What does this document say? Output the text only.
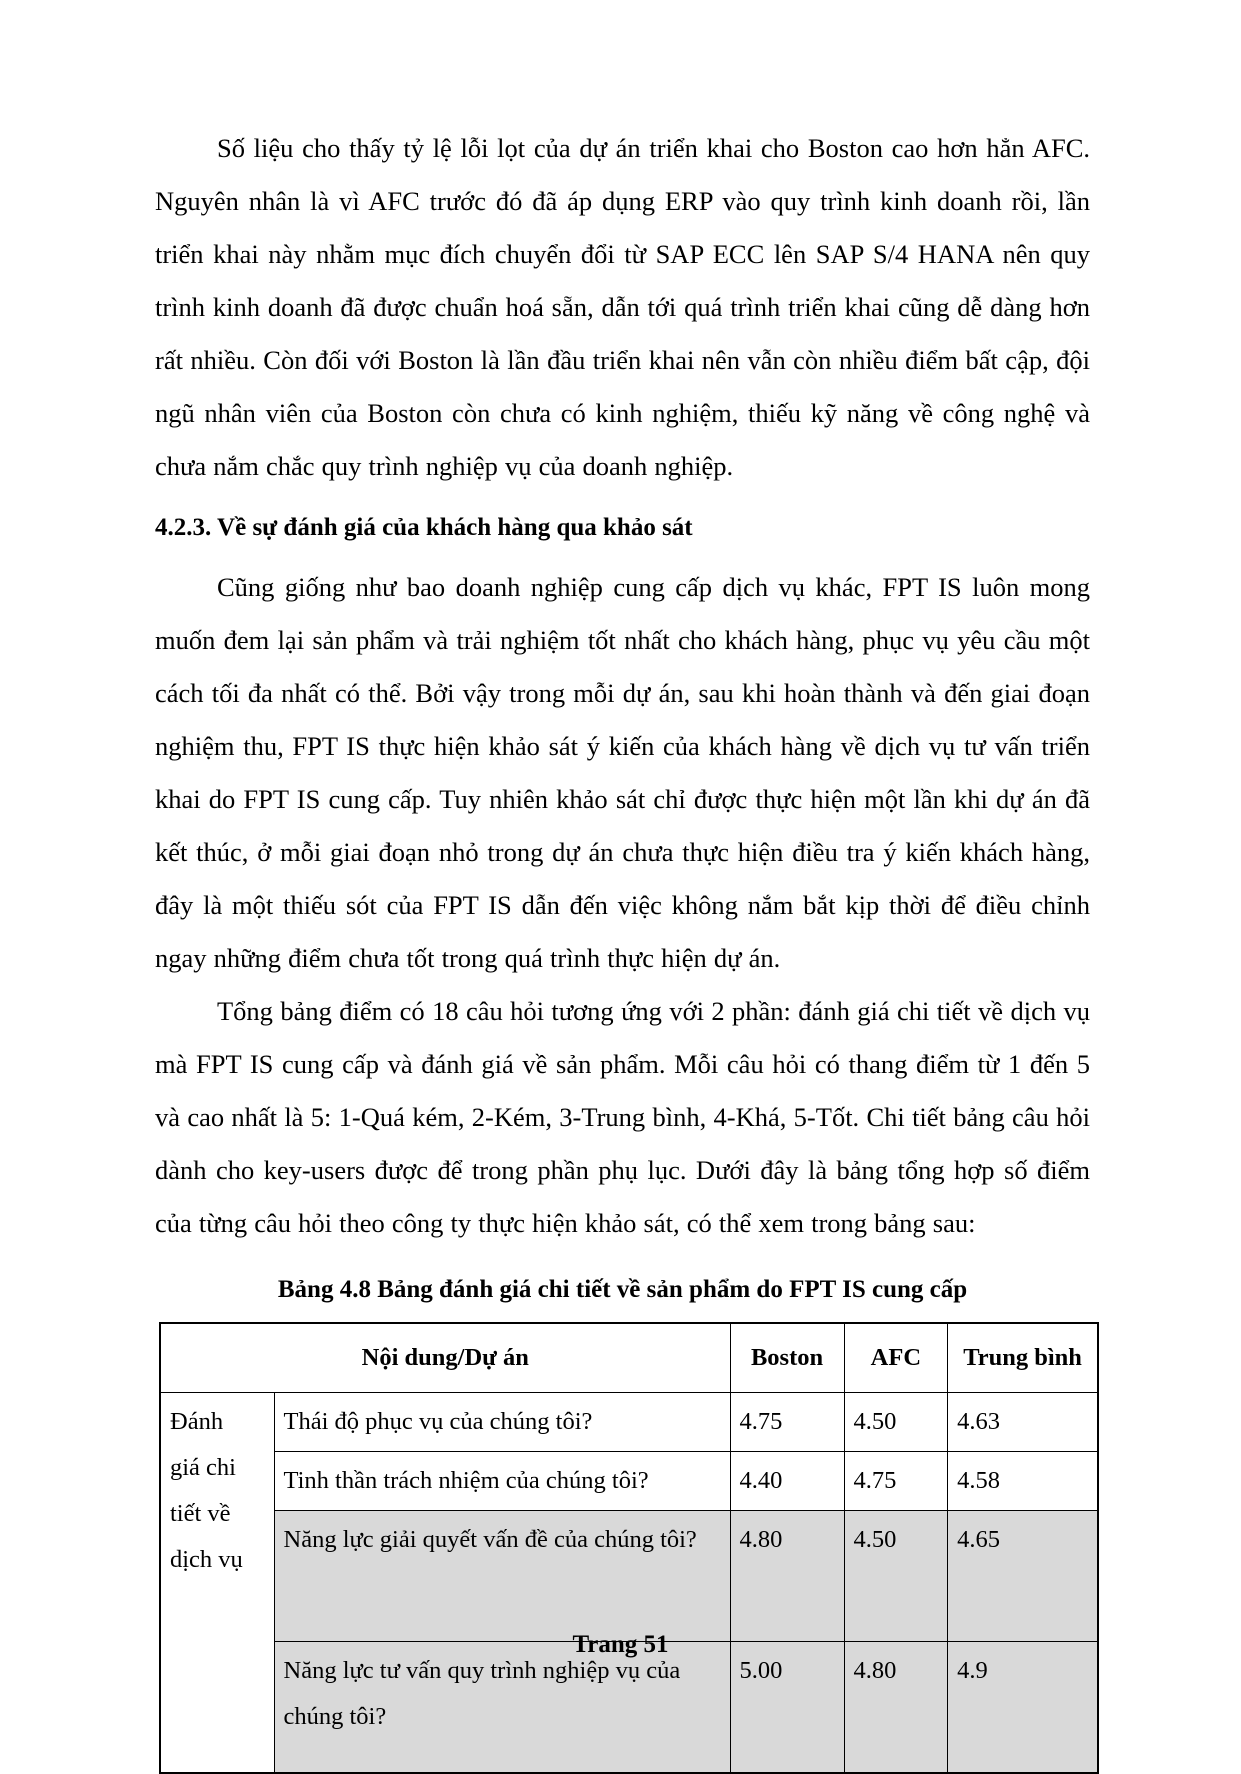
Số liệu cho thấy tỷ lệ lỗi lọt của dự án triển khai cho Boston cao hơn hẳn AFC. Nguyên nhân là vì AFC trước đó đã áp dụng ERP vào quy trình kinh doanh rồi, lần triển khai này nhằm mục đích chuyển đổi từ SAP ECC lên SAP S/4 HANA nên quy trình kinh doanh đã được chuẩn hoá sẵn, dẫn tới quá trình triển khai cũng dễ dàng hơn rất nhiều. Còn đối với Boston là lần đầu triển khai nên vẫn còn nhiều điểm bất cập, đội ngũ nhân viên của Boston còn chưa có kinh nghiệm, thiếu kỹ năng về công nghệ và chưa nắm chắc quy trình nghiệp vụ của doanh nghiệp.

4.2.3. Về sự đánh giá của khách hàng qua khảo sát

Cũng giống như bao doanh nghiệp cung cấp dịch vụ khác, FPT IS luôn mong muốn đem lại sản phẩm và trải nghiệm tốt nhất cho khách hàng, phục vụ yêu cầu một cách tối đa nhất có thể. Bởi vậy trong mỗi dự án, sau khi hoàn thành và đến giai đoạn nghiệm thu, FPT IS thực hiện khảo sát ý kiến của khách hàng về dịch vụ tư vấn triển khai do FPT IS cung cấp. Tuy nhiên khảo sát chỉ được thực hiện một lần khi dự án đã kết thúc, ở mỗi giai đoạn nhỏ trong dự án chưa thực hiện điều tra ý kiến khách hàng, đây là một thiếu sót của FPT IS dẫn đến việc không nắm bắt kịp thời để điều chỉnh ngay những điểm chưa tốt trong quá trình thực hiện dự án.

Tổng bảng điểm có 18 câu hỏi tương ứng với 2 phần: đánh giá chi tiết về dịch vụ mà FPT IS cung cấp và đánh giá về sản phẩm. Mỗi câu hỏi có thang điểm từ 1 đến 5 và cao nhất là 5: 1-Quá kém, 2-Kém, 3-Trung bình, 4-Khá, 5-Tốt. Chi tiết bảng câu hỏi dành cho key-users được để trong phần phụ lục. Dưới đây là bảng tổng hợp số điểm của từng câu hỏi theo công ty thực hiện khảo sát, có thể xem trong bảng sau:

Bảng 4.8 Bảng đánh giá chi tiết về sản phẩm do FPT IS cung cấp
Nội dung/Dự án		Boston	AFC	Trung bình

Đánh
giá chi
tiết về
dịch vụ	Thái độ phục vụ của chúng tôi?	4.75	4.50	4.63
	Tinh thần trách nhiệm của chúng tôi?	4.40	4.75	4.58
	Năng lực giải quyết vấn đề của chúng tôi?	4.80	4.50	4.65
	Năng lực tư vấn quy trình nghiệp vụ của chúng tôi?	5.00	4.80	4.9
Trang 51
